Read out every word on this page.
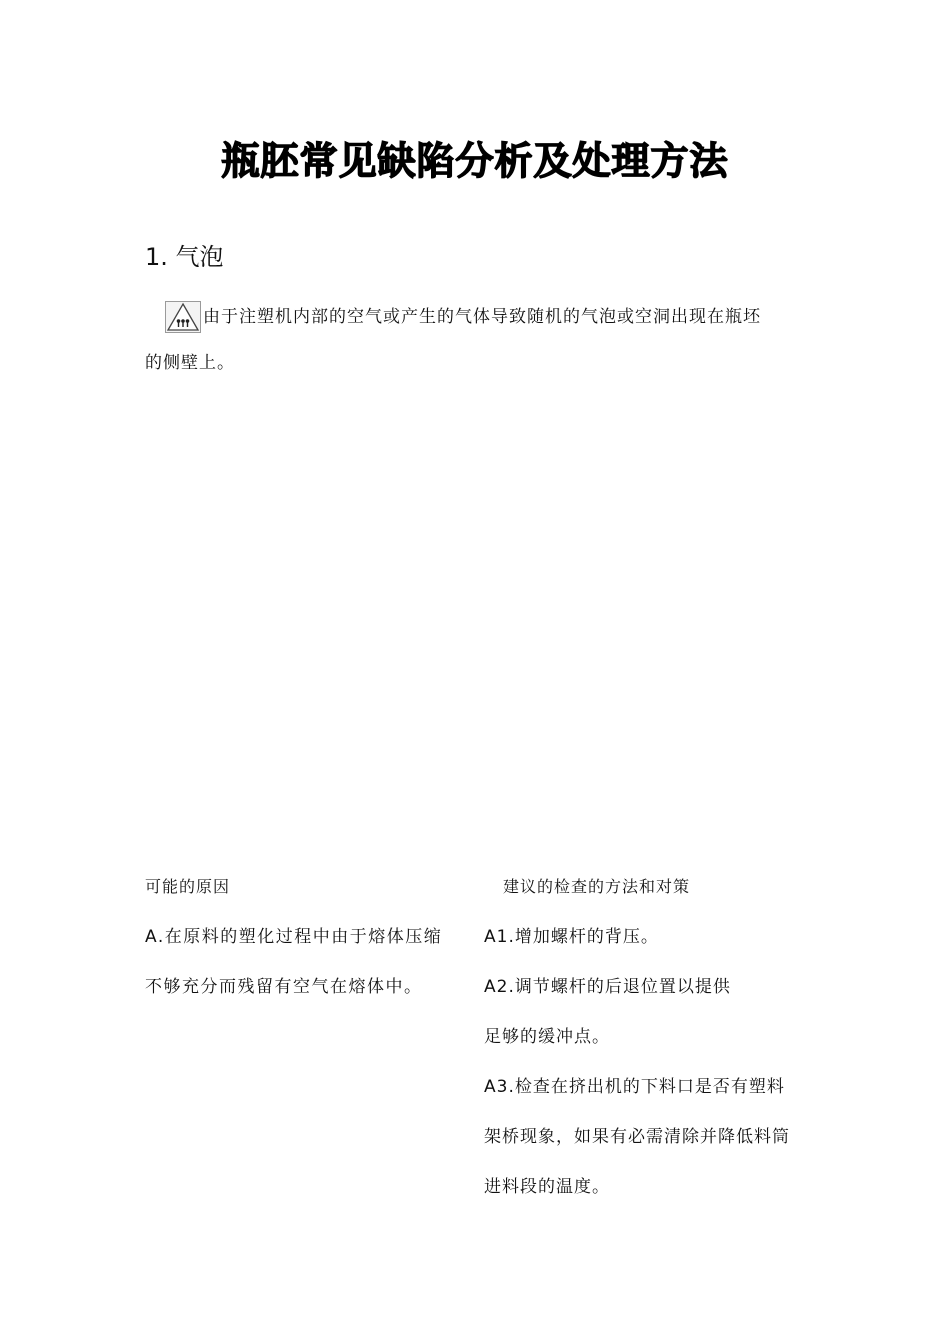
瓶胚常见缺陷分析及处理方法
1. 气泡
由于注塑机内部的空气或产生的气体导致随机的气泡或空洞出现在瓶坯
的侧壁上。
可能的原因	建议的检查的方法和对策
A.在原料的塑化过程中由于熔体压缩
不够充分而残留有空气在熔体中。
A1.增加螺杆的背压。
A2.调节螺杆的后退位置以提供
足够的缓冲点。
A3.检查在挤出机的下料口是否有塑料
架桥现象，如果有必需清除并降低料筒
进料段的温度。
